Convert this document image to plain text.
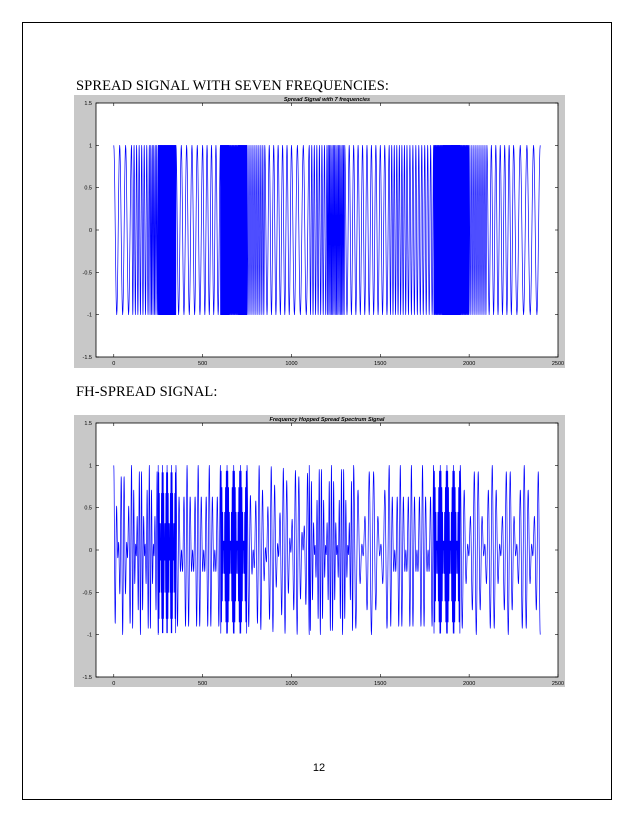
SPREAD SIGNAL WITH SEVEN FREQUENCIES:
Spread Signal with 7 frequencies
0	500	1000	1500	2000	2500
-1.5
-1
-0.5
0
0.5
1
1.5
FH-SPREAD SIGNAL:
Frequency Hopped Spread Spectrum Signal
0	500	1000	1500	2000	2500
-1.5
-1
-0.5
0
0.5
1
1.5
12
